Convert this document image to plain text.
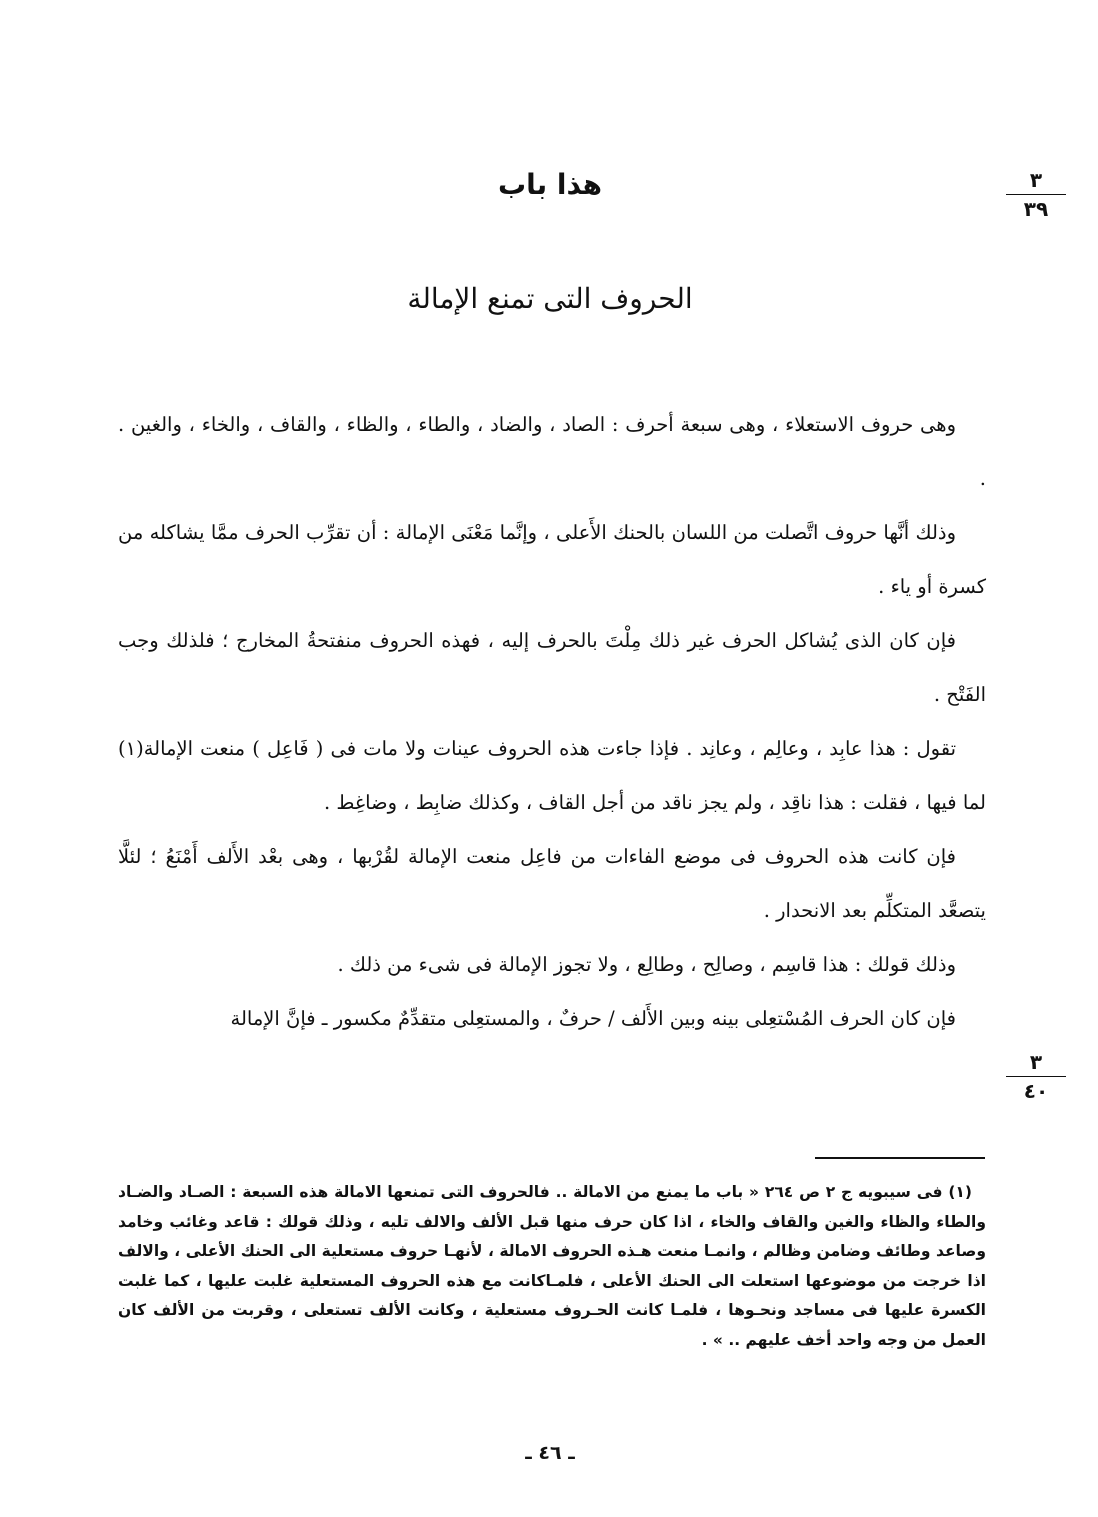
٣
٣٩
هذا باب
الحروف التى تمنع الإمالة

وهى حروف الاستعلاء ، وهى سبعة أحرف : الصاد ، والضاد ، والطاء ، والظاء ، والقاف ، والخاء ، والغين . .

وذلك أنَّها حروف اتَّصلت من اللسان بالحنك الأَعلى ، وإنَّما مَعْنَى الإمالة : أن تقرِّب الحرف ممَّا يشاكله من كسرة أو ياء .

فإن كان الذى يُشاكل الحرف غير ذلك مِلْتَ بالحرف إليه ، فهذه الحروف منفتحةُ المخارج ؛ فلذلك وجب الفَتْح .

تقول : هذا عابِد ، وعالِم ، وعانِد . فإذا جاءت هذه الحروف عينات ولا مات فى ( فَاعِل ) منعت الإمالة(١) لما فيها ، فقلت : هذا ناقِد ، ولم يجز ناقد من أجل القاف ، وكذلك ضابِط ، وضاغِط .

فإن كانت هذه الحروف فى موضع الفاءات من فاعِل منعت الإمالة لقُرْبها ، وهى بعْد الأَلف أَمْنَعُ ؛ لئلَّا يتصعَّد المتكلِّم بعد الانحدار .

وذلك قولك : هذا قاسِم ، وصالِح ، وطالِع ، ولا تجوز الإمالة فى شىء من ذلك .

فإن كان الحرف المُسْتعِلى بينه وبين الأَلف / حرفٌ ، والمستعِلى متقدِّمٌ مكسور ـ فإنَّ الإمالة

٣
٤٠

(١) فى سيبويه ج ٢ ص ٢٦٤ « باب ما يمنع من الامالة .. فالحروف التى تمنعها الامالة هذه السبعة : الصـاد والضـاد والطاء والظاء والغين والقاف والخاء ، اذا كان حرف منها قبل الألف والالف تليه ، وذلك قولك : قاعد وغائب وخامد وصاعد وطائف وضامن وظالم ، وانمـا منعت هـذه الحروف الامالة ، لأنهـا حروف مستعلية الى الحنك الأعلى ، والالف اذا خرجت من موضوعها استعلت الى الحنك الأعلى ، فلمـاكانت مع هذه الحروف المستعلية غلبت عليها ، كما غلبت الكسرة عليها فى مساجد ونحـوها ، فلمـا كانت الحـروف مستعلية ، وكانت الألف تستعلى ، وقربت من الألف كان العمل من وجه واحد أخف عليهم .. » .

ـ ٤٦ ـ
